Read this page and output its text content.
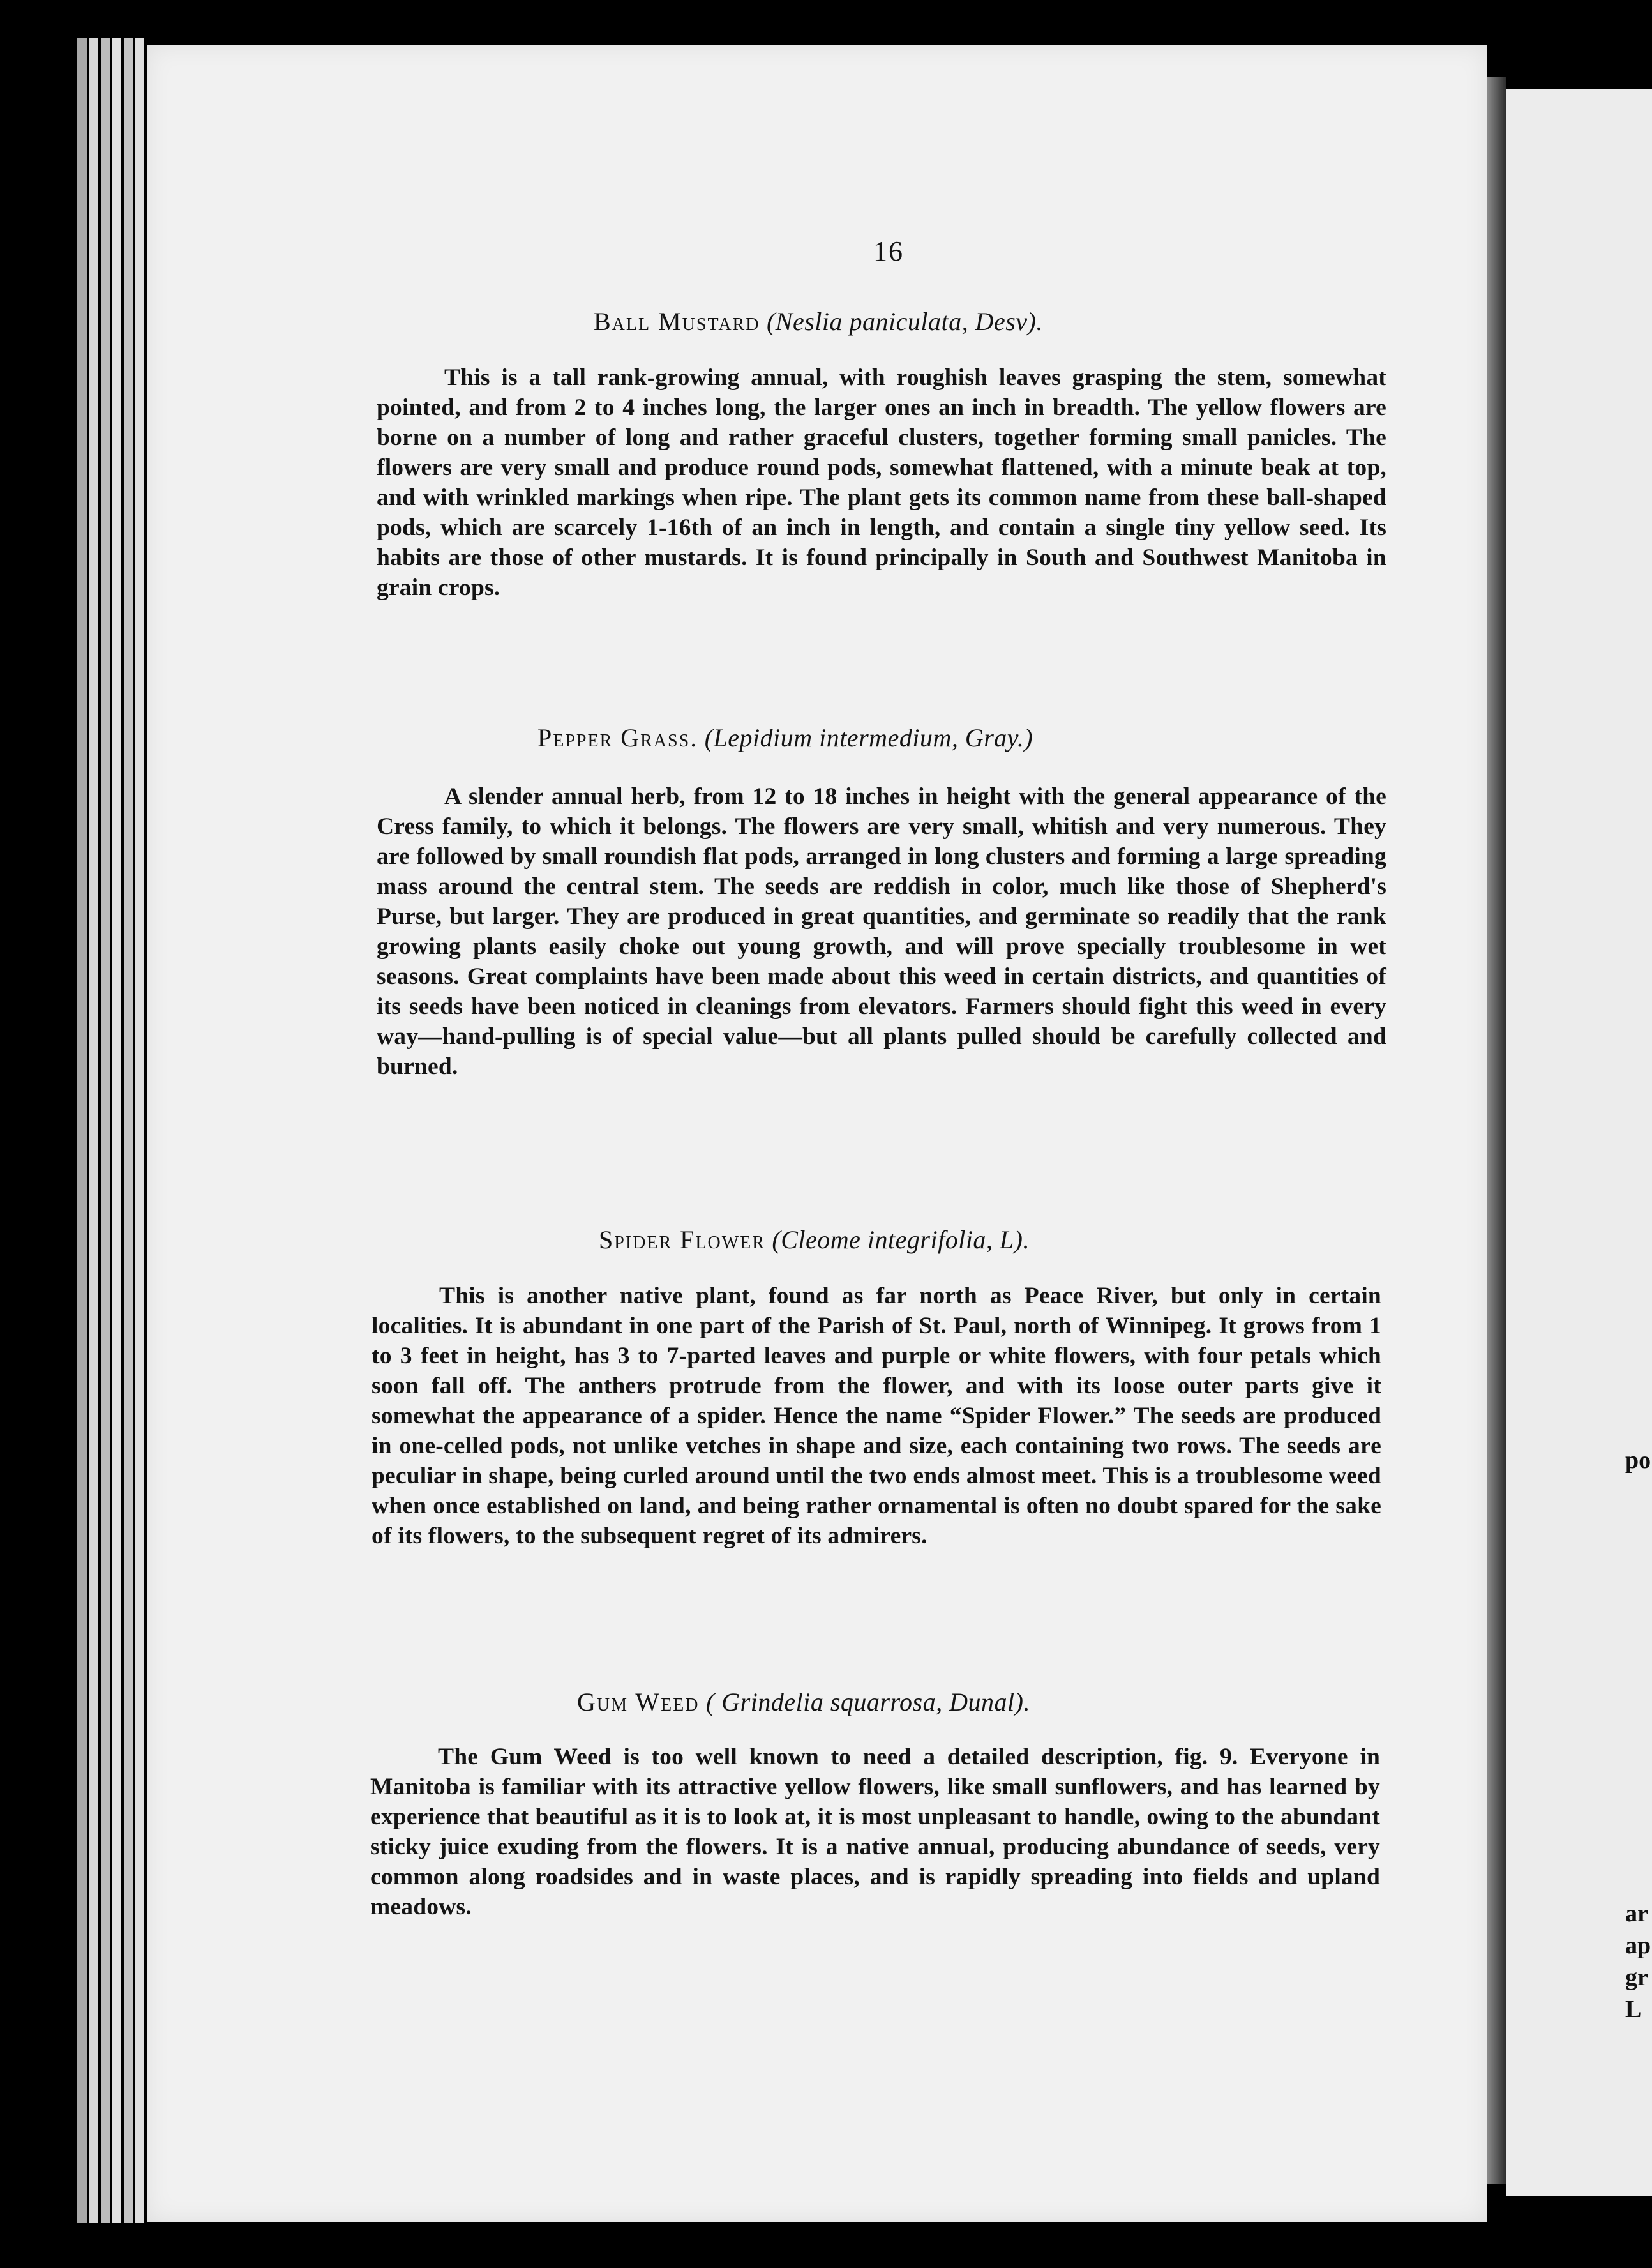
po
ar
ap
gr
L
16
Ball Mustard (Neslia paniculata, Desv).
This is a tall rank-growing annual, with roughish leaves grasping the stem, somewhat pointed, and from 2 to 4 inches long, the larger ones an inch in breadth. The yellow flowers are borne on a number of long and rather graceful clusters, together forming small panicles. The flowers are very small and produce round pods, somewhat flattened, with a minute beak at top, and with wrinkled markings when ripe. The plant gets its common name from these ball-shaped pods, which are scarcely 1-16th of an inch in length, and contain a single tiny yellow seed. Its habits are those of other mustards. It is found principally in South and Southwest Manitoba in grain crops.
Pepper Grass. (Lepidium intermedium, Gray.)
A slender annual herb, from 12 to 18 inches in height with the general appearance of the Cress family, to which it belongs. The flowers are very small, whitish and very numerous. They are followed by small roundish flat pods, arranged in long clusters and forming a large spreading mass around the central stem. The seeds are reddish in color, much like those of Shepherd's Purse, but larger. They are produced in great quantities, and germinate so readily that the rank growing plants easily choke out young growth, and will prove specially troublesome in wet seasons. Great complaints have been made about this weed in certain districts, and quantities of its seeds have been noticed in cleanings from elevators. Farmers should fight this weed in every way—hand-pulling is of special value—but all plants pulled should be carefully collected and burned.
Spider Flower (Cleome integrifolia, L).
This is another native plant, found as far north as Peace River, but only in certain localities. It is abundant in one part of the Parish of St. Paul, north of Winnipeg. It grows from 1 to 3 feet in height, has 3 to 7-parted leaves and purple or white flowers, with four petals which soon fall off. The anthers protrude from the flower, and with its loose outer parts give it somewhat the appearance of a spider. Hence the name “Spider Flower.” The seeds are produced in one-celled pods, not unlike vetches in shape and size, each containing two rows. The seeds are peculiar in shape, being curled around until the two ends almost meet. This is a troublesome weed when once established on land, and being rather ornamental is often no doubt spared for the sake of its flowers, to the subsequent regret of its admirers.
Gum Weed ( Grindelia squarrosa, Dunal).
The Gum Weed is too well known to need a detailed description, fig. 9. Everyone in Manitoba is familiar with its attractive yellow flowers, like small sunflowers, and has learned by experience that beautiful as it is to look at, it is most unpleasant to handle, owing to the abundant sticky juice exuding from the flowers. It is a native annual, producing abundance of seeds, very common along roadsides and in waste places, and is rapidly spreading into fields and upland meadows.
